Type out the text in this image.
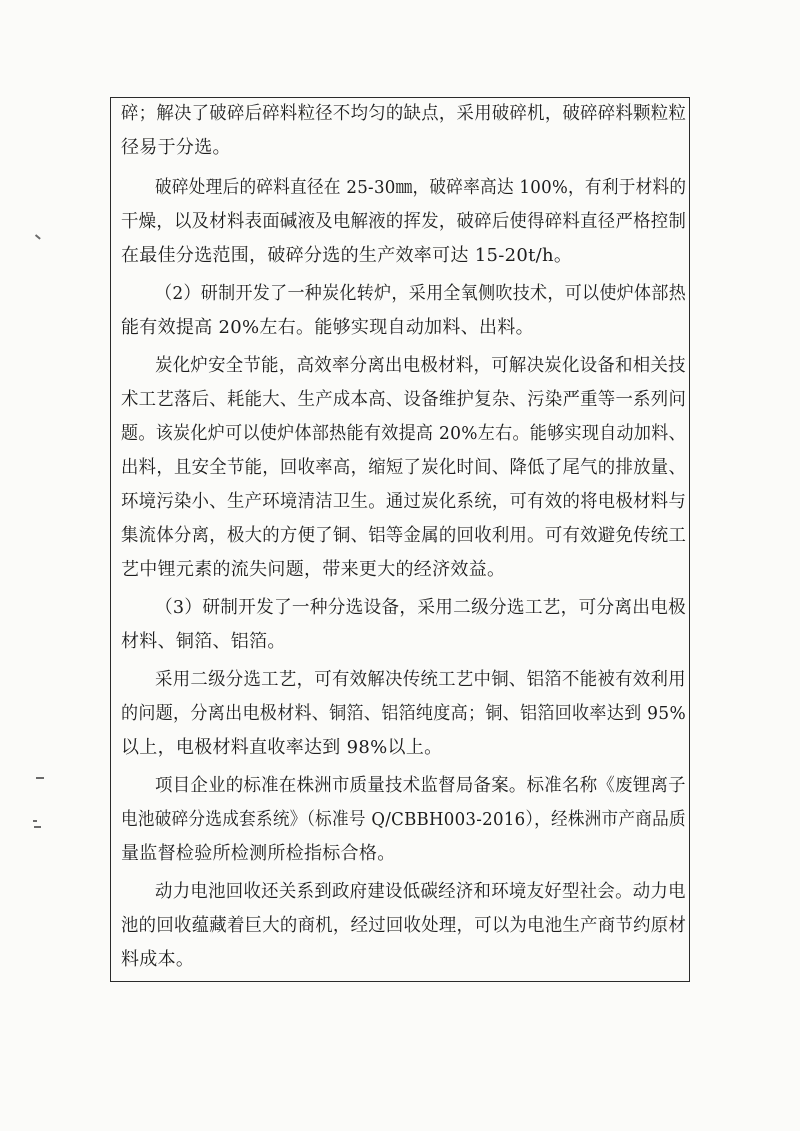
碎；解决了破碎后碎料粒径不均匀的缺点，采用破碎机，破碎碎料颗粒粒
径易于分选。
破碎处理后的碎料直径在 25-30㎜，破碎率高达 100%，有利于材料的
干燥，以及材料表面碱液及电解液的挥发，破碎后使得碎料直径严格控制
在最佳分选范围，破碎分选的生产效率可达 15-20t/h。
（2）研制开发了一种炭化转炉，采用全氧侧吹技术，可以使炉体部热
能有效提高 20%左右。能够实现自动加料、出料。
炭化炉安全节能，高效率分离出电极材料，可解决炭化设备和相关技
术工艺落后、耗能大、生产成本高、设备维护复杂、污染严重等一系列问
题。该炭化炉可以使炉体部热能有效提高 20%左右。能够实现自动加料、
出料，且安全节能，回收率高，缩短了炭化时间、降低了尾气的排放量、
环境污染小、生产环境清洁卫生。通过炭化系统，可有效的将电极材料与
集流体分离，极大的方便了铜、铝等金属的回收利用。可有效避免传统工
艺中锂元素的流失问题，带来更大的经济效益。
（3）研制开发了一种分选设备，采用二级分选工艺，可分离出电极
材料、铜箔、铝箔。
采用二级分选工艺，可有效解决传统工艺中铜、铝箔不能被有效利用
的问题，分离出电极材料、铜箔、铝箔纯度高；铜、铝箔回收率达到 95%
以上，电极材料直收率达到 98%以上。
项目企业的标准在株洲市质量技术监督局备案。标准名称《废锂离子
电池破碎分选成套系统》（标准号 Q/CBBH003-2016），经株洲市产商品质
量监督检验所检测所检指标合格。
动力电池回收还关系到政府建设低碳经济和环境友好型社会。动力电
池的回收蕴藏着巨大的商机，经过回收处理，可以为电池生产商节约原材
料成本。
